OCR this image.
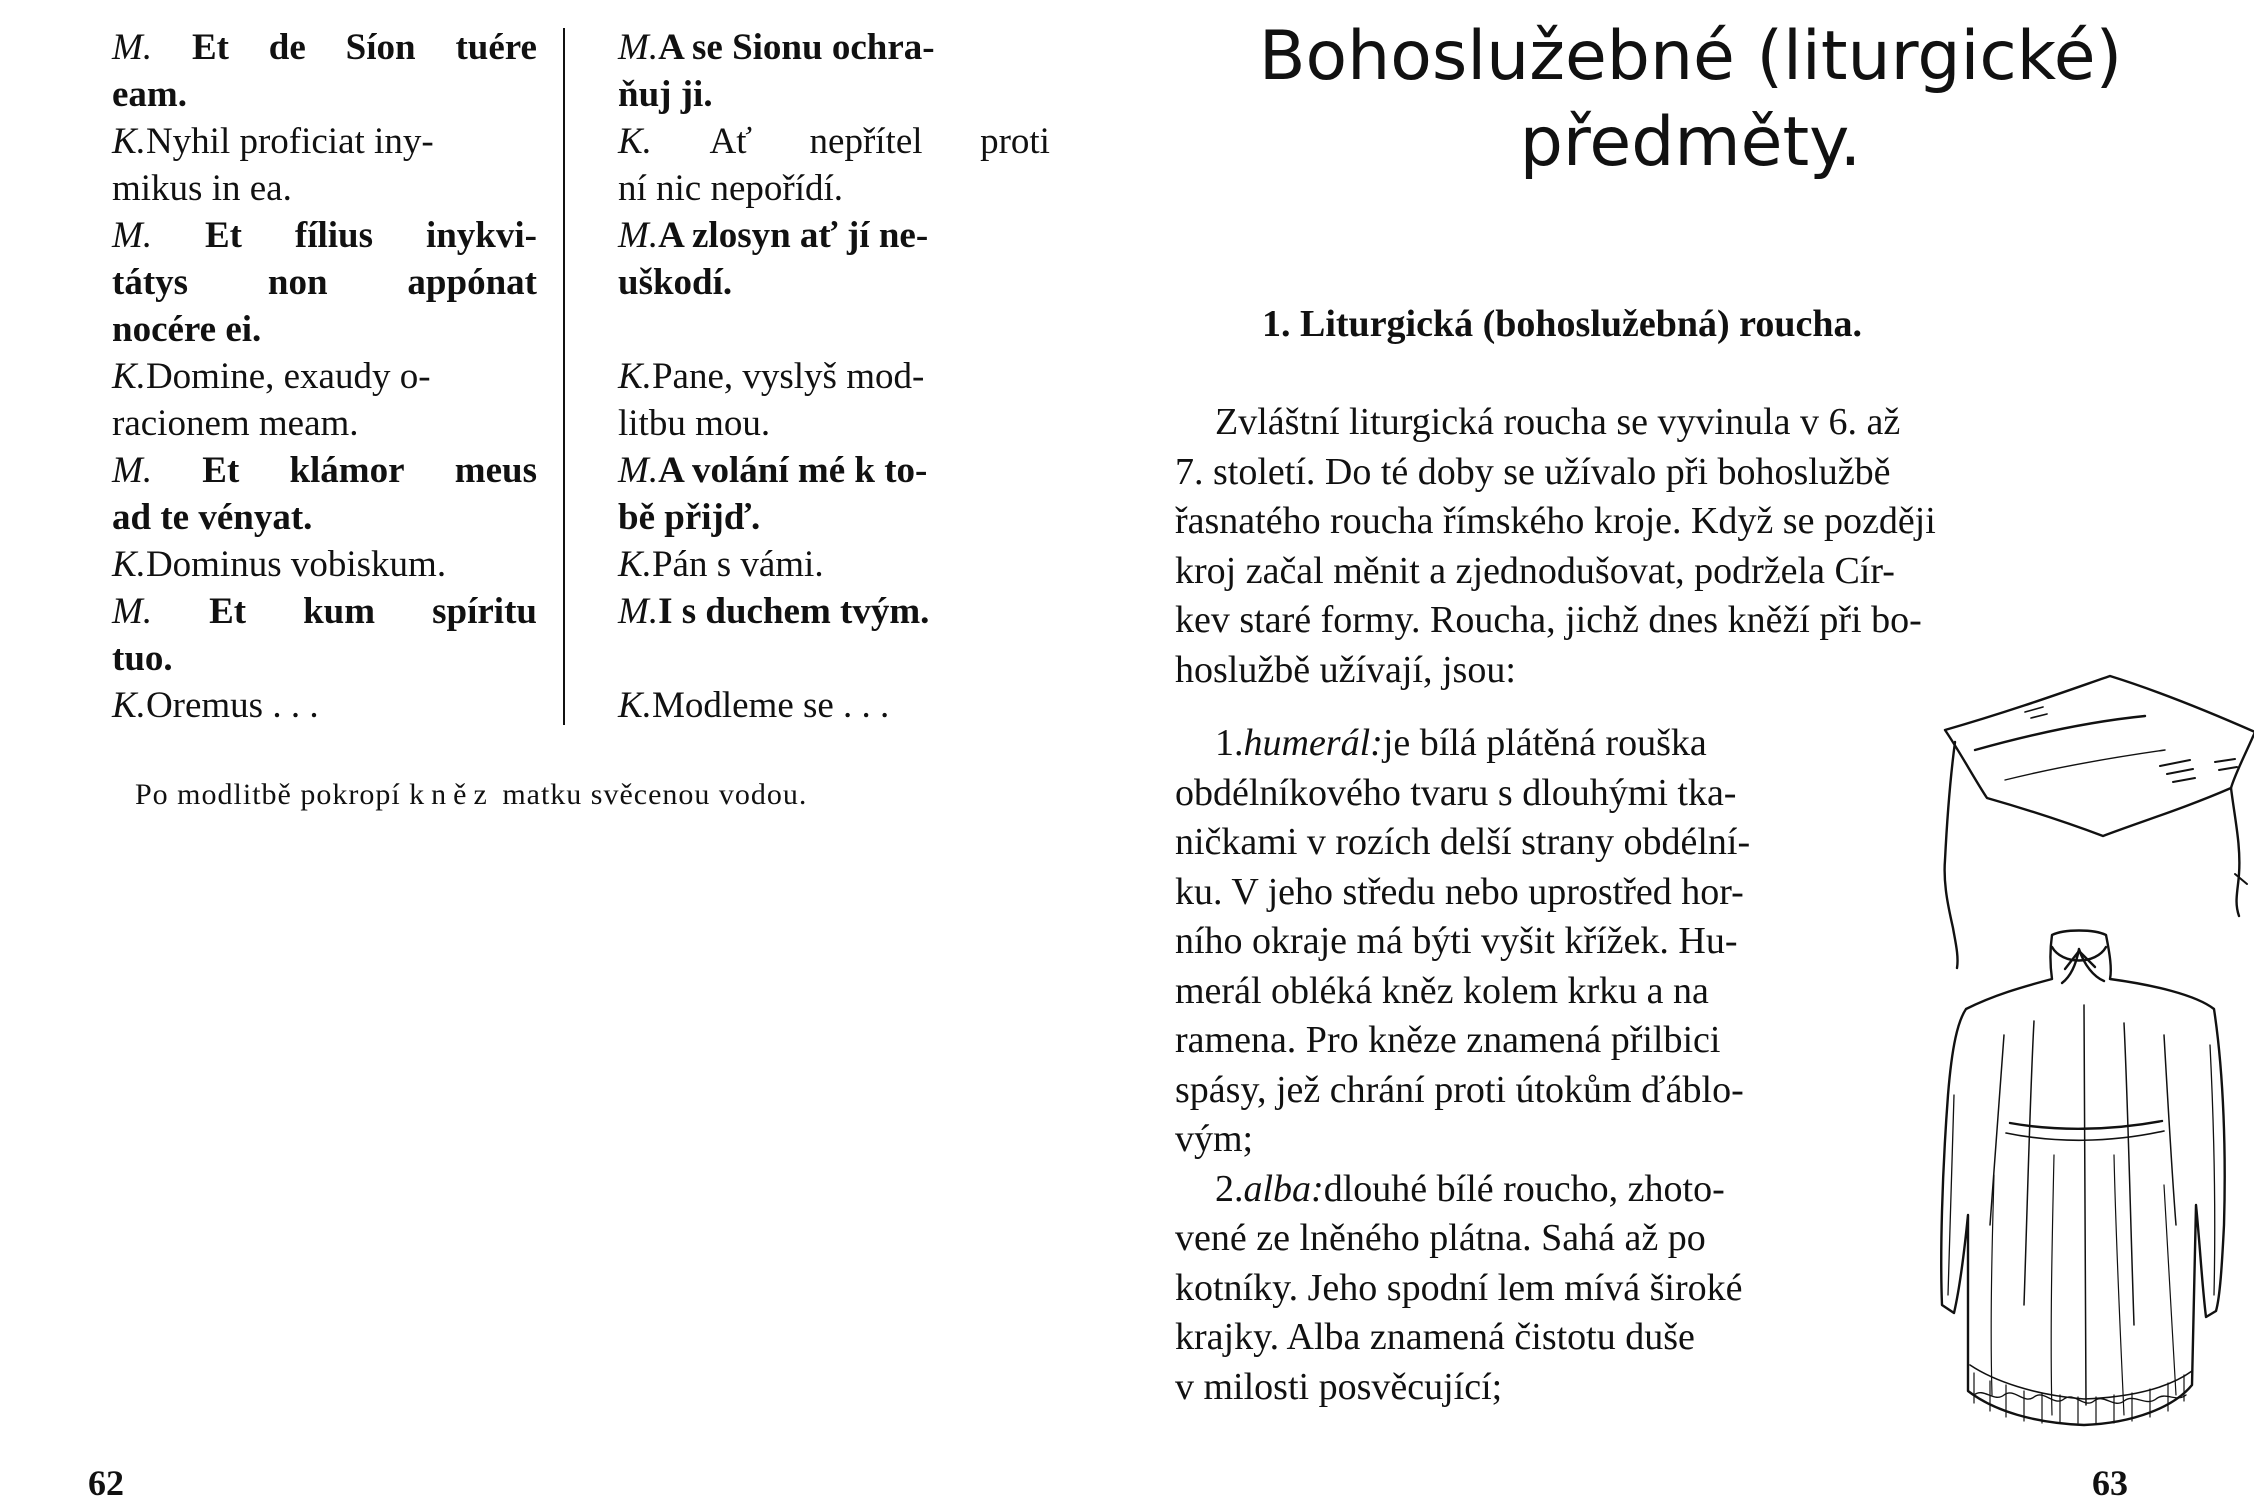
M. Et de Síon tuére
eam.
K. Nyhil proficiat iny-
mikus in ea.
M. Et fílius inykvi-
tátys non appónat
nocére ei.
K. Domine, exaudy o-
racionem meam.
M. Et klámor meus
ad te vényat.
K. Dominus vobiskum.
M. Et kum spíritu
tuo.
K. Oremus . . .
M. A se Sionu ochra-
ňuj ji.
K. Ať nepřítel proti
ní nic nepořídí.
M. A zlosyn ať jí ne-
uškodí.
K. Pane, vyslyš mod-
litbu mou.
M. A volání mé k to-
bě přijď.
K. Pán s vámi.
M. I s duchem tvým.
K. Modleme se . . .
Po modlitbě pokropí kněz matku svěcenou vodou.
62
Bohoslužebné (liturgické)
předměty.
1. Liturgická (bohoslužebná) roucha.
Zvláštní liturgická roucha se vyvinula v 6. až
7. století. Do té doby se užívalo při bohoslužbě
řasnatého roucha římského kroje. Když se později
kroj začal měnit a zjednodušovat, podržela Cír-
kev staré formy. Roucha, jichž dnes kněží při bo-
hoslužbě užívají, jsou:
1. humerál: je bílá plátěná rouška
obdélníkového tvaru s dlouhými tka-
ničkami v rozích delší strany obdélní-
ku. V jeho středu nebo uprostřed hor-
ního okraje má býti vyšit křížek. Hu-
merál obléká kněz kolem krku a na
ramena. Pro kněze znamená přilbici
spásy, jež chrání proti útokům ďáblo-
vým;
2. alba: dlouhé bílé roucho, zhoto-
vené ze lněného plátna. Sahá až po
kotníky. Jeho spodní lem mívá široké
krajky. Alba znamená čistotu duše
v milosti posvěcující;
63
